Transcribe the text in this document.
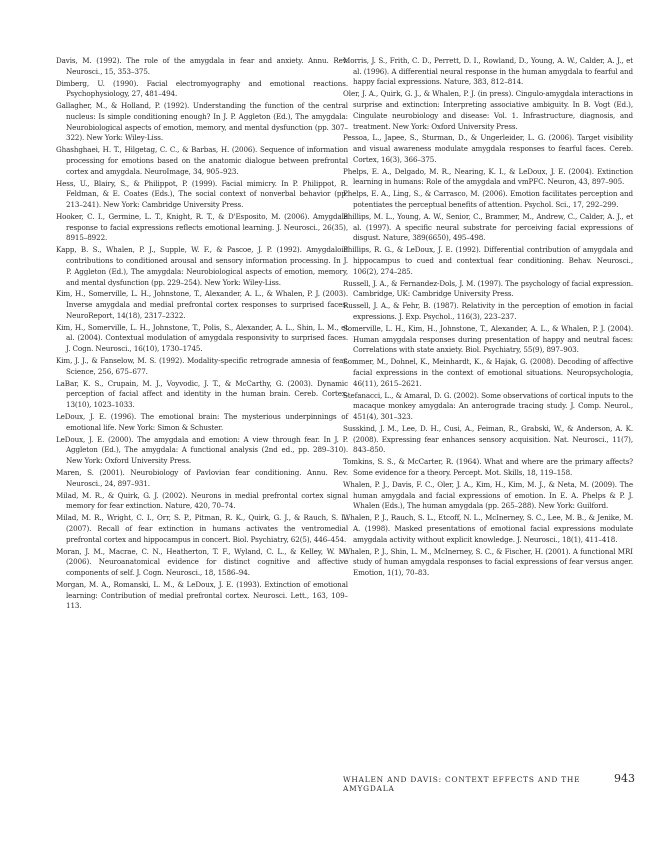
Davis, M. (1992). The role of the amygdala in fear and anxiety. Annu. Rev. Neurosci., 15, 353–375.

Dimberg, U. (1990). Facial electromyography and emotional reactions. Psychophysiology, 27, 481–494.

Gallagher, M., & Holland, P. (1992). Understanding the function of the central nucleus: Is simple conditioning enough? In J. P. Aggleton (Ed.), The amygdala: Neurobiological aspects of emotion, memory, and mental dysfunction (pp. 307–322). New York: Wiley-Liss.

Ghashghaei, H. T., Hilgetag, C. C., & Barbas, H. (2006). Sequence of information processing for emotions based on the anatomic dialogue between prefrontal cortex and amygdala. NeuroImage, 34, 905–923.

Hess, U., Blairy, S., & Philippot, P. (1999). Facial mimicry. In P. Philippot, R. Feldman, & E. Coates (Eds.), The social context of nonverbal behavior (pp. 213–241). New York: Cambridge University Press.

Hooker, C. I., Germine, L. T., Knight, R. T., & D'Esposito, M. (2006). Amygdala response to facial expressions reflects emotional learning. J. Neurosci., 26(35), 8915–8922.

Kapp, B. S., Whalen, P. J., Supple, W. F., & Pascoe, J. P. (1992). Amygdaloid contributions to conditioned arousal and sensory information processing. In J. P. Aggleton (Ed.), The amygdala: Neurobiological aspects of emotion, memory, and mental dysfunction (pp. 229–254). New York: Wiley-Liss.

Kim, H., Somerville, L. H., Johnstone, T., Alexander, A. L., & Whalen, P. J. (2003). Inverse amygdala and medial prefrontal cortex responses to surprised faces. NeuroReport, 14(18), 2317–2322.

Kim, H., Somerville, L. H., Johnstone, T., Polis, S., Alexander, A. L., Shin, L. M., et al. (2004). Contextual modulation of amygdala responsivity to surprised faces. J. Cogn. Neurosci., 16(10), 1730–1745.

Kim, J. J., & Fanselow, M. S. (1992). Modality-specific retrograde amnesia of fear. Science, 256, 675–677.

LaBar, K. S., Crupain, M. J., Voyvodic, J. T., & McCarthy, G. (2003). Dynamic perception of facial affect and identity in the human brain. Cereb. Cortex, 13(10), 1023–1033.

LeDoux, J. E. (1996). The emotional brain: The mysterious underpinnings of emotional life. New York: Simon & Schuster.

LeDoux, J. E. (2000). The amygdala and emotion: A view through fear. In J. P. Aggleton (Ed.), The amygdala: A functional analysis (2nd ed., pp. 289–310). New York: Oxford University Press.

Maren, S. (2001). Neurobiology of Pavlovian fear conditioning. Annu. Rev. Neurosci., 24, 897–931.

Milad, M. R., & Quirk, G. J. (2002). Neurons in medial prefrontal cortex signal memory for fear extinction. Nature, 420, 70–74.

Milad, M. R., Wright, C. I., Orr, S. P., Pitman, R. K., Quirk, G. J., & Rauch, S. L. (2007). Recall of fear extinction in humans activates the ventromedial prefrontal cortex and hippocampus in concert. Biol. Psychiatry, 62(5), 446–454.

Moran, J. M., Macrae, C. N., Heatherton, T. F., Wyland, C. L., & Kelley, W. M. (2006). Neuroanatomical evidence for distinct cognitive and affective components of self. J. Cogn. Neurosci., 18, 1586–94.

Morgan, M. A., Romanski, L. M., & LeDoux, J. E. (1993). Extinction of emotional learning: Contribution of medial prefrontal cortex. Neurosci. Lett., 163, 109–113.

Morris, J. S., Frith, C. D., Perrett, D. I., Rowland, D., Young, A. W., Calder, A. J., et al. (1996). A differential neural response in the human amygdala to fearful and happy facial expressions. Nature, 383, 812–814.

Oler, J. A., Quirk, G. J., & Whalen, P. J. (in press). Cingulo-amygdala interactions in surprise and extinction: Interpreting associative ambiguity. In B. Vogt (Ed.), Cingulate neurobiology and disease: Vol. 1. Infrastructure, diagnosis, and treatment. New York: Oxford University Press.

Pessoa, L., Japee, S., Sturman, D., & Ungerleider, L. G. (2006). Target visibility and visual awareness modulate amygdala responses to fearful faces. Cereb. Cortex, 16(3), 366–375.

Phelps, E. A., Delgado, M. R., Nearing, K. I., & LeDoux, J. E. (2004). Extinction learning in humans: Role of the amygdala and vmPFC. Neuron, 43, 897–905.

Phelps, E. A., Ling, S., & Carrasco, M. (2006). Emotion facilitates perception and potentiates the perceptual benefits of attention. Psychol. Sci., 17, 292–299.

Phillips, M. L., Young, A. W., Senior, C., Brammer, M., Andrew, C., Calder, A. J., et al. (1997). A specific neural substrate for perceiving facial expressions of disgust. Nature, 389(6650), 495–498.

Phillips, R. G., & LeDoux, J. E. (1992). Differential contribution of amygdala and hippocampus to cued and contextual fear conditioning. Behav. Neurosci., 106(2), 274–285.

Russell, J. A., & Fernandez-Dols, J. M. (1997). The psychology of facial expression. Cambridge, UK: Cambridge University Press.

Russell, J. A., & Fehr, B. (1987). Relativity in the perception of emotion in facial expressions. J. Exp. Psychol., 116(3), 223–237.

Somerville, L. H., Kim, H., Johnstone, T., Alexander, A. L., & Whalen, P. J. (2004). Human amygdala responses during presentation of happy and neutral faces: Correlations with state anxiety. Biol. Psychiatry, 55(9), 897–903.

Sommer, M., Dohnel, K., Meinhardt, K., & Hajak, G. (2008). Decoding of affective facial expressions in the context of emotional situations. Neuropsychologia, 46(11), 2615–2621.

Stefanacci, L., & Amaral, D. G. (2002). Some observations of cortical inputs to the macaque monkey amygdala: An anterograde tracing study. J. Comp. Neurol., 451(4), 301–323.

Susskind, J. M., Lee, D. H., Cusi, A., Feiman, R., Grabski, W., & Anderson, A. K. (2008). Expressing fear enhances sensory acquisition. Nat. Neurosci., 11(7), 843–850.

Tomkins, S. S., & McCarter, R. (1964). What and where are the primary affects? Some evidence for a theory. Percept. Mot. Skills, 18, 119–158.

Whalen, P. J., Davis, F. C., Oler, J. A., Kim, H., Kim, M. J., & Neta, M. (2009). The human amygdala and facial expressions of emotion. In E. A. Phelps & P. J. Whalen (Eds.), The human amygdala (pp. 265–288). New York: Guilford.

Whalen, P. J., Rauch, S. L., Etcoff, N. L., McInerney, S. C., Lee, M. B., & Jenike, M. A. (1998). Masked presentations of emotional facial expressions modulate amygdala activity without explicit knowledge. J. Neurosci., 18(1), 411–418.

Whalen, P. J., Shin, L. M., McInerney, S. C., & Fischer, H. (2001). A functional MRI study of human amygdala responses to facial expressions of fear versus anger. Emotion, 1(1), 70–83.

WHALEN AND DAVIS: CONTEXT EFFECTS AND THE AMYGDALA
943
